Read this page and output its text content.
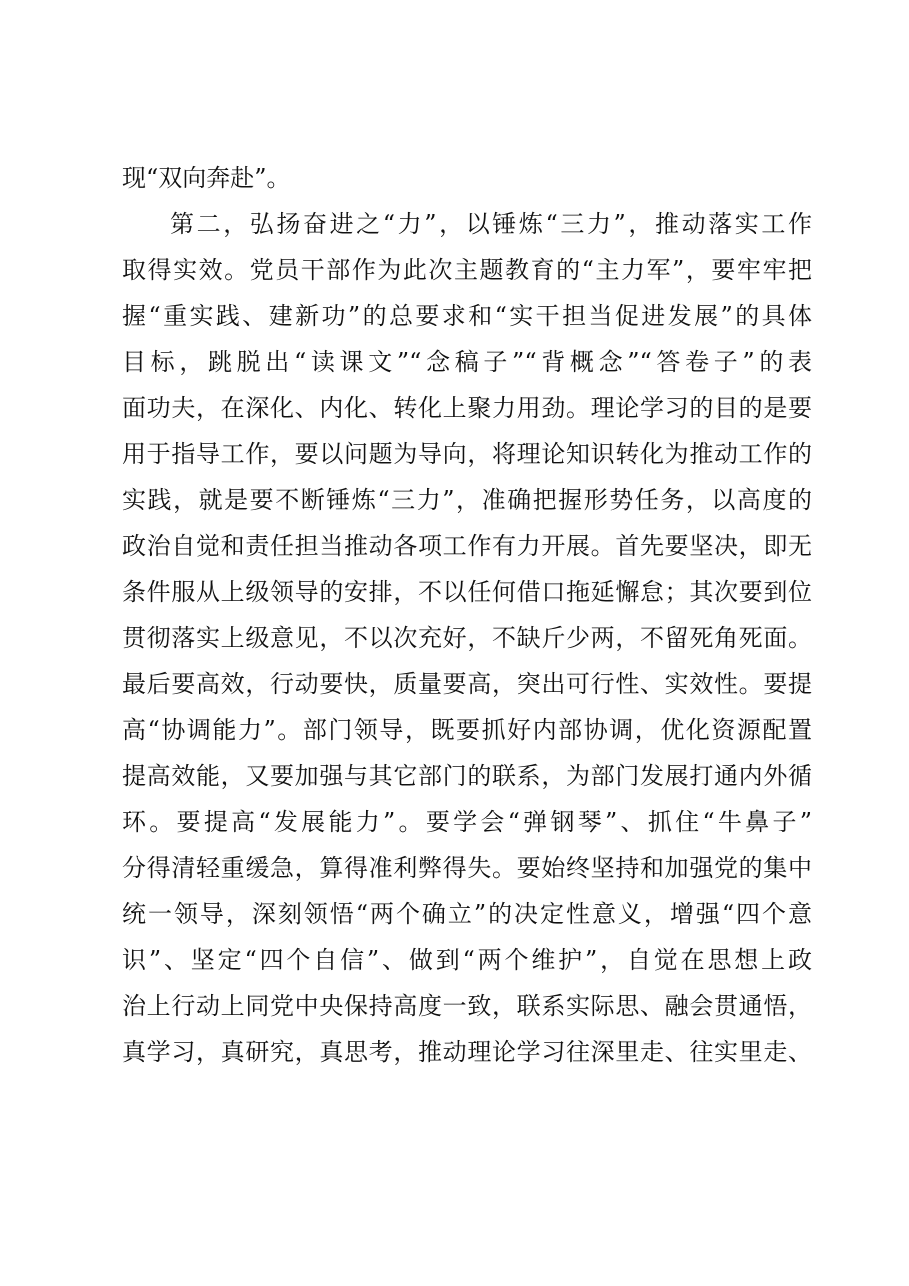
现“双向奔赴”。
第二，弘扬奋进之“力”，以锤炼“三力”，推动落实工作
取得实效。党员干部作为此次主题教育的“主力军”，要牢牢把
握“重实践、建新功”的总要求和“实干担当促进发展”的具体
目标，跳脱出“读课文”“念稿子”“背概念”“答卷子”的表
面功夫，在深化、内化、转化上聚力用劲。理论学习的目的是要
用于指导工作，要以问题为导向，将理论知识转化为推动工作的
实践，就是要不断锤炼“三力”，准确把握形势任务，以高度的
政治自觉和责任担当推动各项工作有力开展。首先要坚决，即无
条件服从上级领导的安排，不以任何借口拖延懈怠；其次要到位
贯彻落实上级意见，不以次充好，不缺斤少两，不留死角死面。
最后要高效，行动要快，质量要高，突出可行性、实效性。要提
高“协调能力”。部门领导，既要抓好内部协调，优化资源配置
提高效能，又要加强与其它部门的联系，为部门发展打通内外循
环。要提高“发展能力”。要学会“弹钢琴”、抓住“牛鼻子”
分得清轻重缓急，算得准利弊得失。要始终坚持和加强党的集中
统一领导，深刻领悟“两个确立”的决定性意义，增强“四个意
识”、坚定“四个自信”、做到“两个维护”，自觉在思想上政
治上行动上同党中央保持高度一致，联系实际思、融会贯通悟，
真学习，真研究，真思考，推动理论学习往深里走、往实里走、
